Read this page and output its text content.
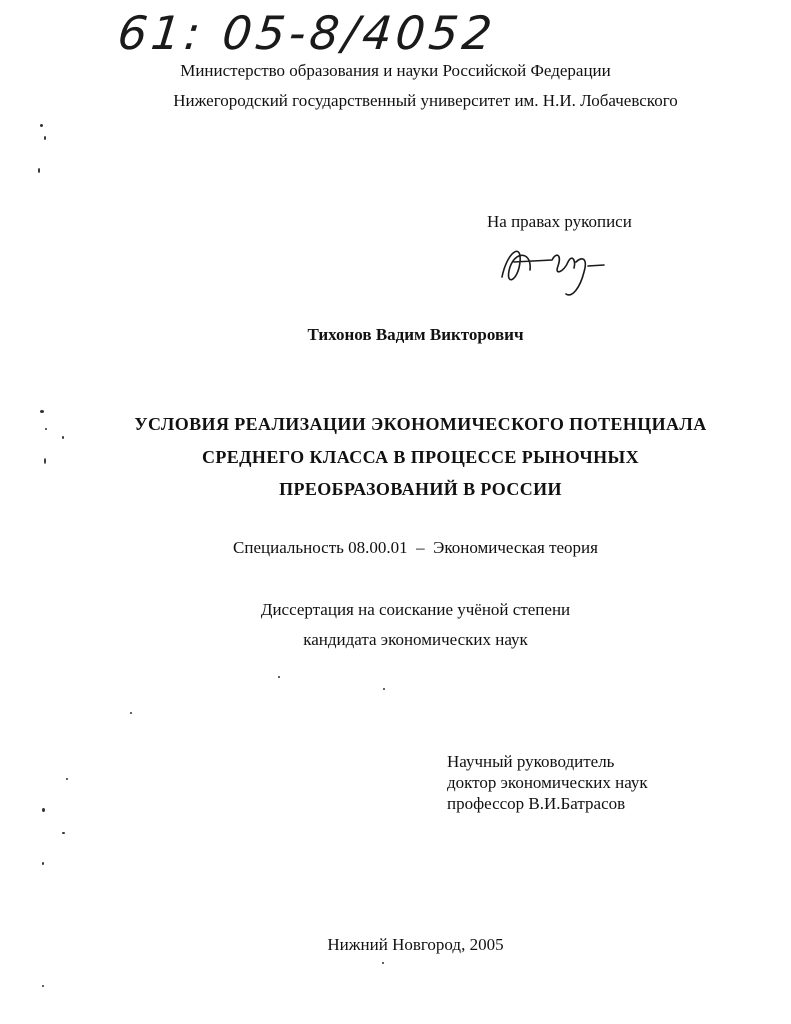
61: 05-8/4052
Министерство образования и науки Российской Федерации
Нижегородский государственный университет им. Н.И. Лобачевского
На правах рукописи
Тихонов Вадим Викторович
УСЛОВИЯ РЕАЛИЗАЦИИ ЭКОНОМИЧЕСКОГО ПОТЕНЦИАЛА
СРЕДНЕГО КЛАССА В ПРОЦЕССЕ РЫНОЧНЫХ
ПРЕОБРАЗОВАНИЙ В РОССИИ
Специальность 08.00.01  –  Экономическая теория
Диссертация на соискание учёной степени
кандидата экономических наук
Научный руководитель
доктор экономических наук
профессор В.И.Батрасов
Нижний Новгород, 2005
